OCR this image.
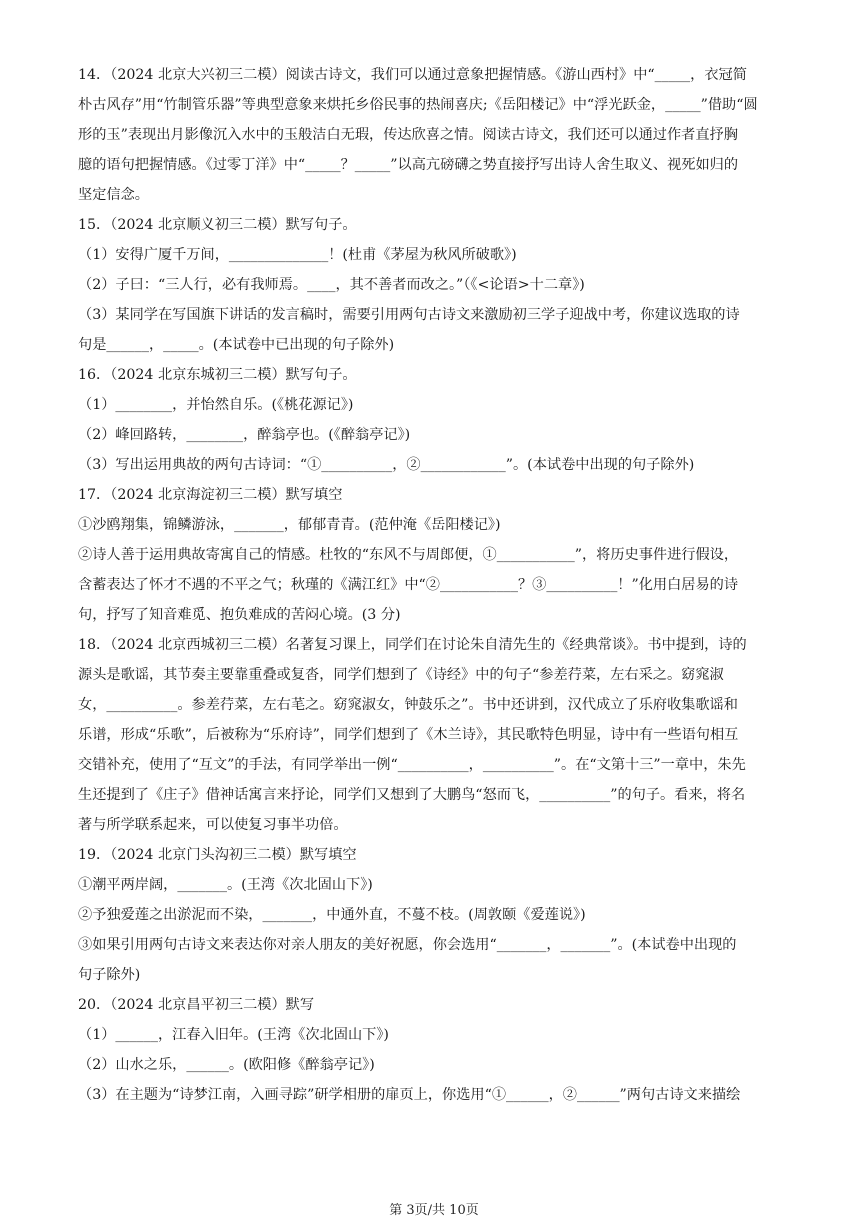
14．（2024 北京大兴初三二模）阅读古诗文，我们可以通过意象把握情感。《游山西村》中“_____，衣冠简
朴古风存”用“竹制管乐器”等典型意象来烘托乡俗民事的热闹喜庆;《岳阳楼记》中“浮光跃金，_____”借助“圆
形的玉”表现出月影像沉入水中的玉般洁白无瑕，传达欣喜之情。阅读古诗文，我们还可以通过作者直抒胸
臆的语句把握情感。《过零丁洋》中“_____？_____”以高亢磅礴之势直接抒写出诗人舍生取义、视死如归的
坚定信念。
15．（2024 北京顺义初三二模）默写句子。
（1）安得广厦千万间，______________！(杜甫《茅屋为秋风所破歌》)
（2）子曰：“三人行，必有我师焉。____，其不善者而改之。”（《<论语>十二章》)
（3）某同学在写国旗下讲话的发言稿时，需要引用两句古诗文来激励初三学子迎战中考，你建议选取的诗
句是______，_____。(本试卷中已出现的句子除外)
16．（2024 北京东城初三二模）默写句子。
（1）________，并怡然自乐。(《桃花源记》)
（2）峰回路转，________，醉翁亭也。(《醉翁亭记》)
（3）写出运用典故的两句古诗词：“①__________，②____________”。(本试卷中出现的句子除外)
17．（2024 北京海淀初三二模）默写填空
①沙鸥翔集，锦鳞游泳，_______，郁郁青青。(范仲淹《岳阳楼记》)
②诗人善于运用典故寄寓自己的情感。杜牧的“东风不与周郎便，①___________”，将历史事件进行假设，
含蓄表达了怀才不遇的不平之气；秋瑾的《满江红》中“②___________？③__________！”化用白居易的诗
句，抒写了知音难觅、抱负难成的苦闷心境。(3 分)
18．（2024 北京西城初三二模）名著复习课上，同学们在讨论朱自清先生的《经典常谈》。书中提到，诗的
源头是歌谣，其节奏主要靠重叠或复沓，同学们想到了《诗经》中的句子“参差荇菜，左右采之。窈窕淑
女，__________。参差荇菜，左右芼之。窈窕淑女，钟鼓乐之”。书中还讲到，汉代成立了乐府收集歌谣和
乐谱，形成“乐歌”，后被称为“乐府诗”，同学们想到了《木兰诗》，其民歌特色明显，诗中有一些语句相互
交错补充，使用了“互文”的手法，有同学举出一例“__________，__________”。在“文第十三”一章中，朱先
生还提到了《庄子》借神话寓言来抒论，同学们又想到了大鹏鸟“怒而飞，__________”的句子。看来，将名
著与所学联系起来，可以使复习事半功倍。
19．（2024 北京门头沟初三二模）默写填空
①潮平两岸阔，_______。(王湾《次北固山下》)
②予独爱莲之出淤泥而不染，_______，中通外直，不蔓不枝。(周敦颐《爱莲说》)
③如果引用两句古诗文来表达你对亲人朋友的美好祝愿，你会选用“_______，_______”。(本试卷中出现的
句子除外)
20．（2024 北京昌平初三二模）默写
（1）______，江春入旧年。(王湾《次北固山下》)
（2）山水之乐，______。(欧阳修《醉翁亭记》)
（3）在主题为“诗梦江南，入画寻踪”研学相册的扉页上，你选用“①______，②______”两句古诗文来描绘
第 3页/共 10页
